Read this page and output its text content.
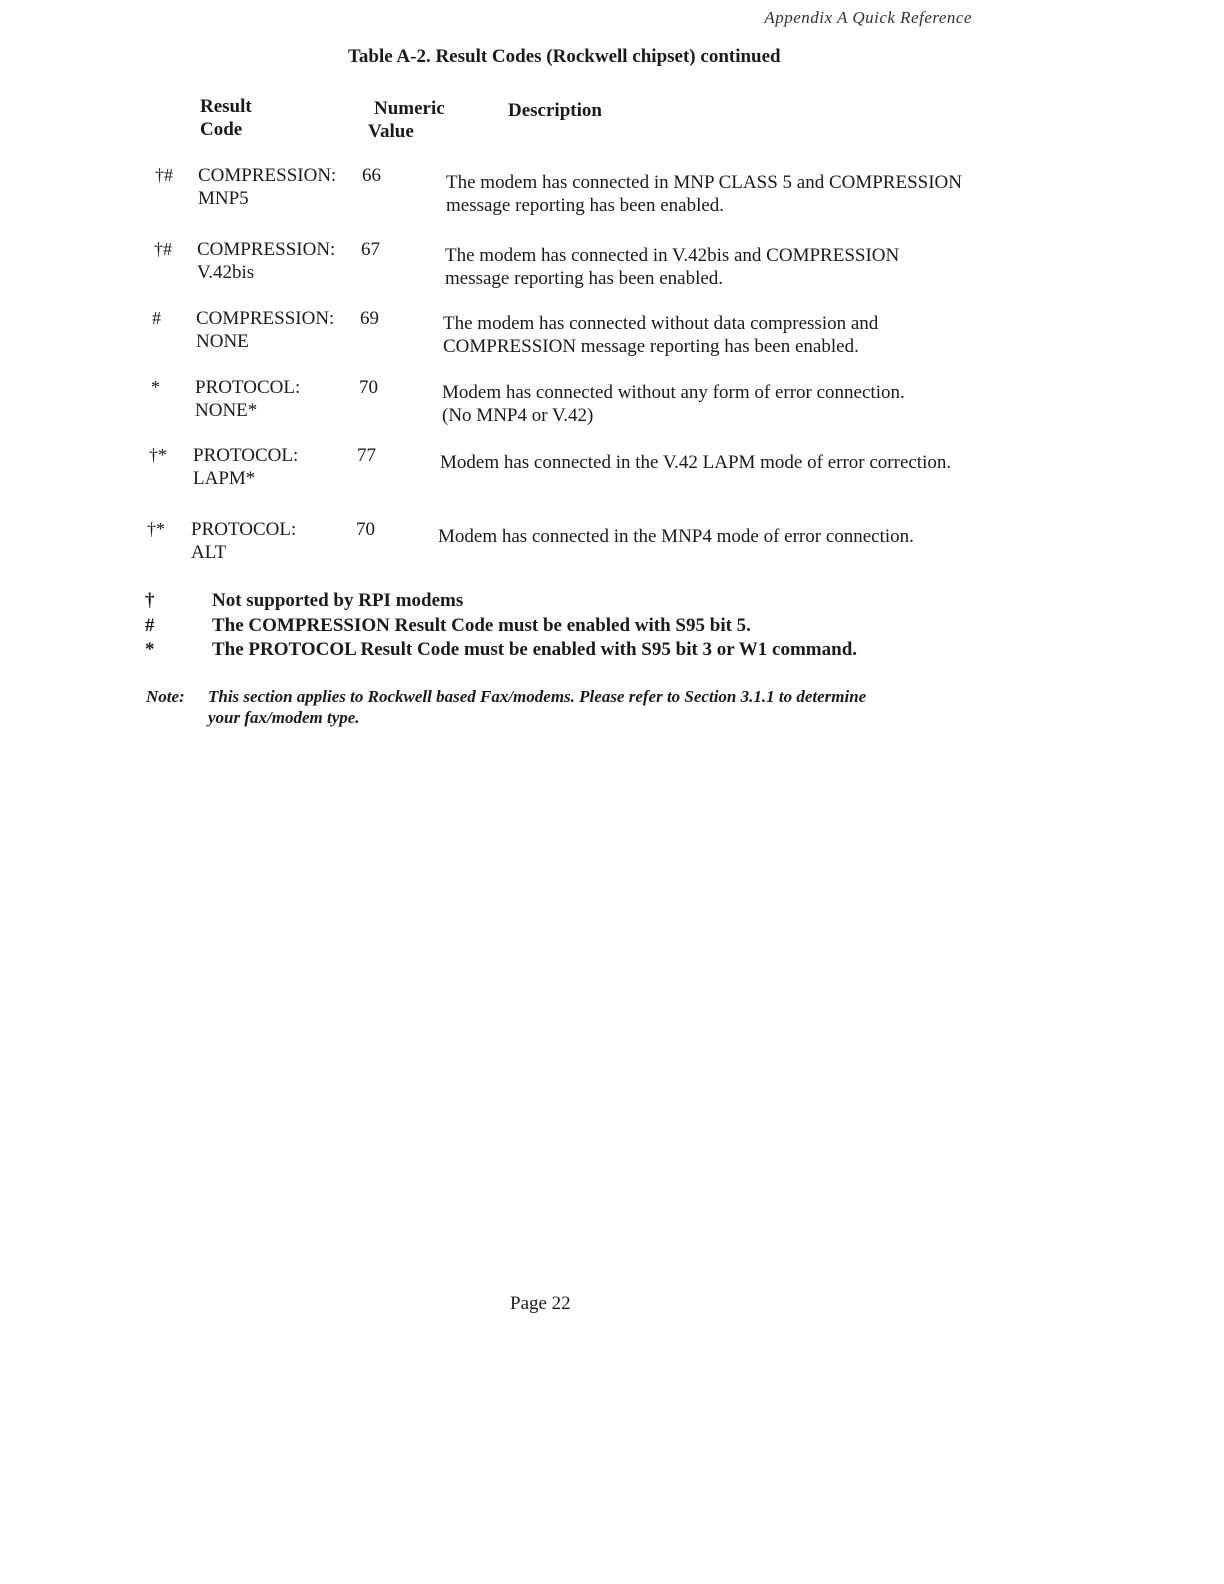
Appendix A Quick Reference
Table A-2. Result Codes (Rockwell chipset) continued
Result
Code
Numeric
Value
Description
†# COMPRESSION:
MNP5
66	The modem has connected in MNP CLASS 5 and COMPRESSION
message reporting has been enabled.
†# COMPRESSION:
V.42bis
67	The modem has connected in V.42bis and COMPRESSION
message reporting has been enabled.
# COMPRESSION:
NONE
69	The modem has connected without data compression and
COMPRESSION message reporting has been enabled.
* PROTOCOL:
NONE*
70	Modem has connected without any form of error connection.
(No MNP4 or V.42)
†* PROTOCOL:
LAPM*
77	Modem has connected in the V.42 LAPM mode of error correction.
†* PROTOCOL:
ALT
70	Modem has connected in the MNP4 mode of error connection.
†	Not supported by RPI modems
#	The COMPRESSION Result Code must be enabled with S95 bit 5.
*	The PROTOCOL Result Code must be enabled with S95 bit 3 or W1 command.
Note: This section applies to Rockwell based Fax/modems. Please refer to Section 3.1.1 to determine
your fax/modem type.
Page 22
